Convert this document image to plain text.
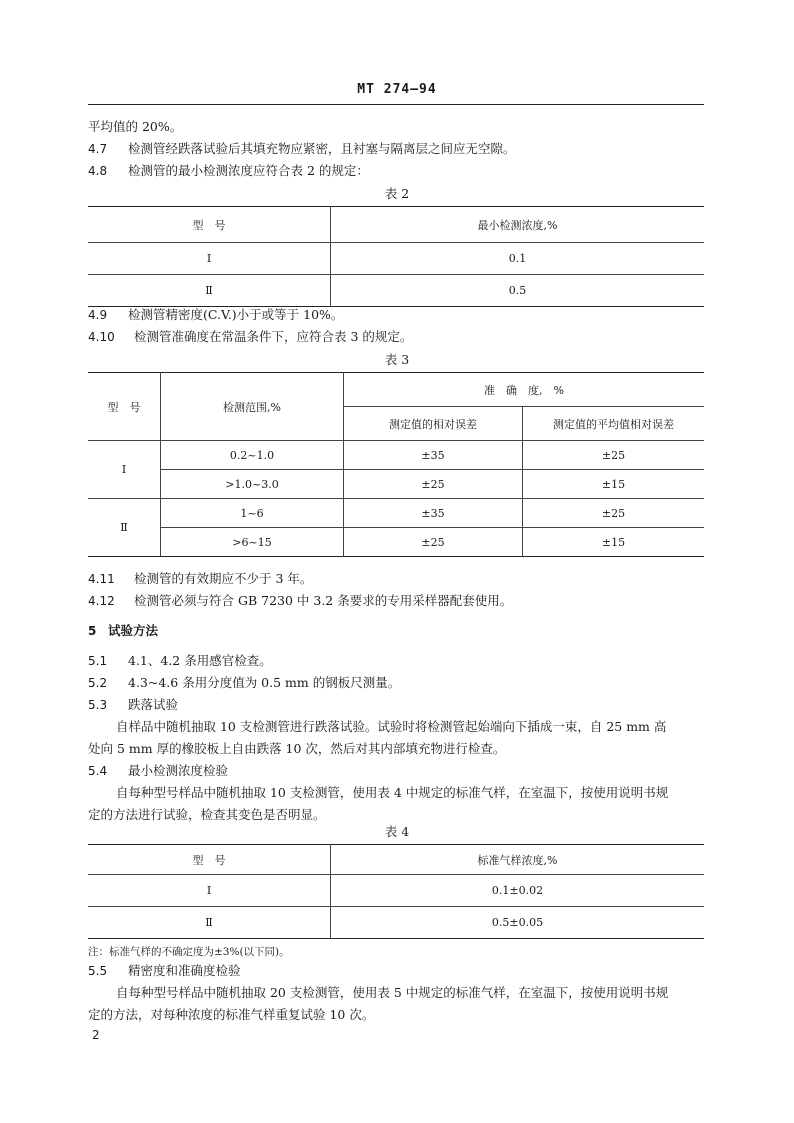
MT 274—94
平均值的 20%。
4.7 检测管经跌落试验后其填充物应紧密，且衬塞与隔离层之间应无空隙。
4.8 检测管的最小检测浓度应符合表 2 的规定：
表 2
型　号	最小检测浓度,%
Ⅰ	0.1
Ⅱ	0.5
4.9 检测管精密度(C.V.)小于或等于 10%。
4.10 检测管准确度在常温条件下，应符合表 3 的规定。
表 3
型　号	检测范围,%	准　确　度,　%	
		测定值的相对误差	测定值的平均值相对误差
Ⅰ	0.2~1.0	±35	±25
	>1.0~3.0	±25	±15
Ⅱ	1~6	±35	±25
	>6~15	±25	±15
4.11 检测管的有效期应不少于 3 年。
4.12 检测管必须与符合 GB 7230 中 3.2 条要求的专用采样器配套使用。
5 试验方法
5.1 4.1、4.2 条用感官检查。
5.2 4.3~4.6 条用分度值为 0.5 mm 的钢板尺测量。
5.3 跌落试验
自样品中随机抽取 10 支检测管进行跌落试验。试验时将检测管起始端向下插成一束，自 25 mm 高
处向 5 mm 厚的橡胶板上自由跌落 10 次，然后对其内部填充物进行检查。
5.4 最小检测浓度检验
自每种型号样品中随机抽取 10 支检测管，使用表 4 中规定的标准气样，在室温下，按使用说明书规
定的方法进行试验，检查其变色是否明显。
表 4
型　号	标准气样浓度,%
Ⅰ	0.1±0.02
Ⅱ	0.5±0.05
注：标准气样的不确定度为±3%(以下同)。
5.5 精密度和准确度检验
自每种型号样品中随机抽取 20 支检测管，使用表 5 中规定的标准气样，在室温下，按使用说明书规
定的方法，对每种浓度的标准气样重复试验 10 次。
2
